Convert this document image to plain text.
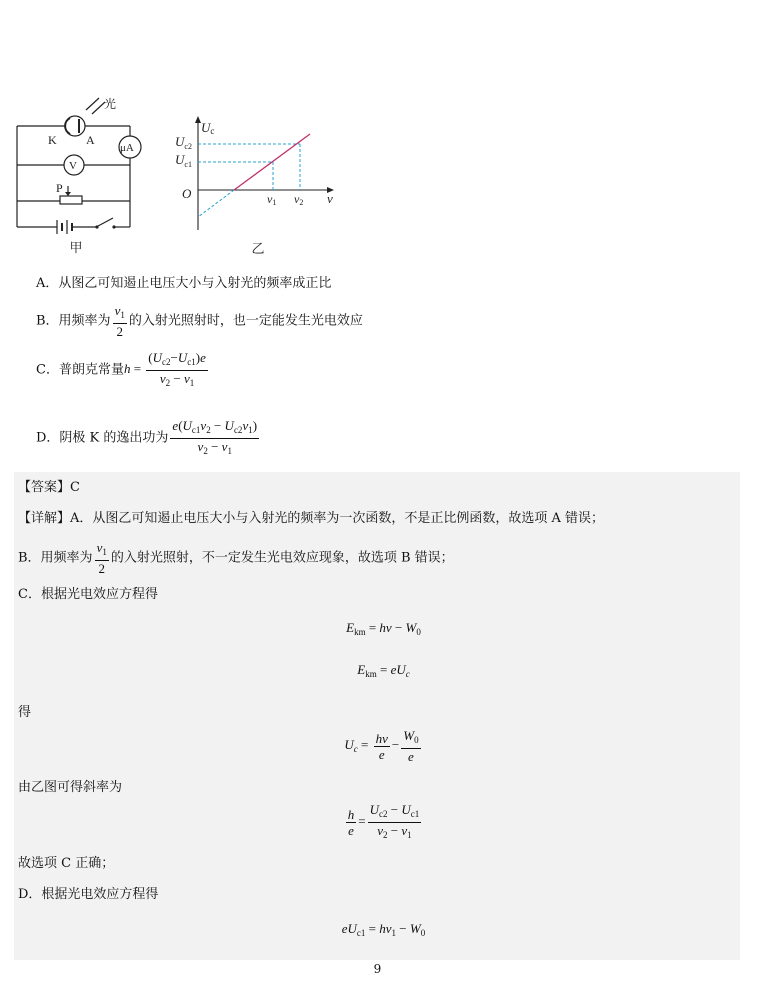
光
K A
μA
V
P
甲
Uc
$U_{c2}$
$U_{c1}$
O	ν1 ν2 ν
乙
A．从图乙可知遏止电压大小与入射光的频率成正比
B．用频率为 $\frac{\nu_1}{2}$ 的入射光照射时，也一定能发生光电效应
C．普朗克常量$h = \frac{(U_{c2}-U_{c1})e}{\nu_2 - \nu_1}$
D．阴极 K 的逸出功为 $\frac{e(U_{c1}\nu_2 - U_{c2}\nu_1)}{\nu_2 - \nu_1}$
【答案】C
【详解】A．从图乙可知遏止电压大小与入射光的频率为一次函数，不是正比例函数，故选项 A 错误；
B．用频率为 $\frac{\nu_1}{2}$ 的入射光照射，不一定发生光电效应现象，故选项 B 错误；
C．根据光电效应方程得
$E_{km} = h\nu - W_0$
$E_{km} = eU_c$
得
$U_c = \frac{h\nu}{e} - \frac{W_0}{e}$
由乙图可得斜率为
$\frac{h}{e} = \frac{U_{c2} - U_{c1}}{\nu_2 - \nu_1}$
故选项 C 正确；
D．根据光电效应方程得
$eU_{c1} = h\nu_1 - W_0$
9
